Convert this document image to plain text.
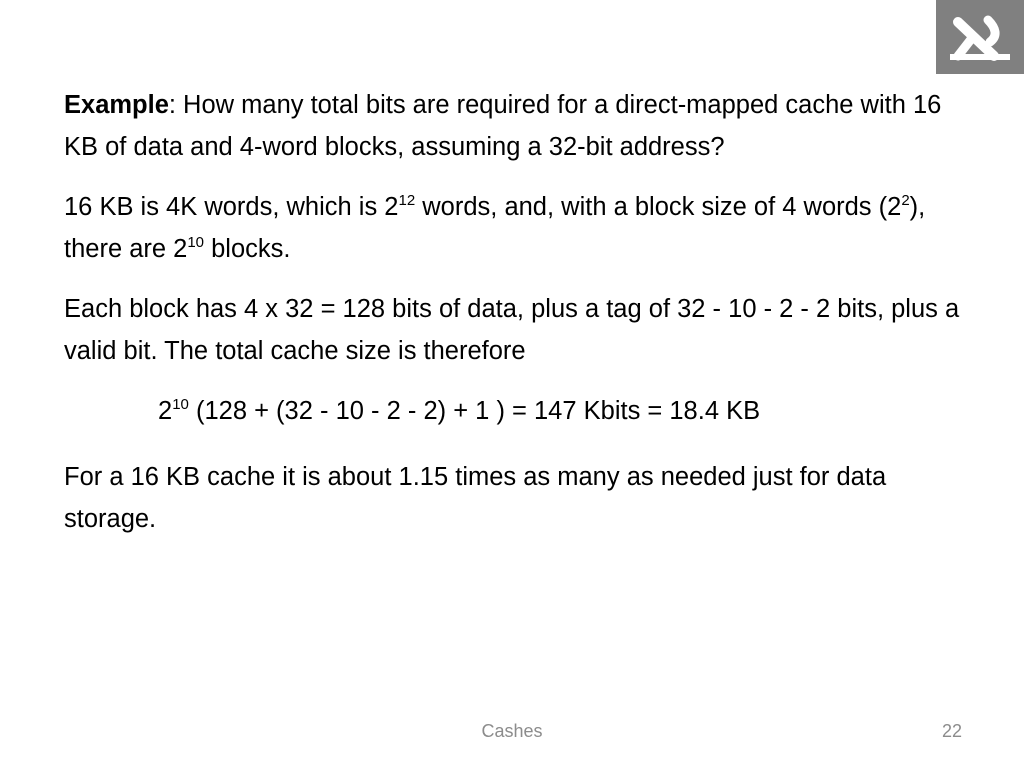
Example: How many total bits are required for a direct-mapped cache with 16 KB of data and 4-word blocks, assuming a 32-bit address?

16 KB is 4K words, which is $2^{12}$ words, and, with a block size of 4 words $(2^2)$, there are $2^{10}$ blocks.

Each block has 4 x 32 = 128 bits of data, plus a tag of 32 - 10 - 2 - 2 bits, plus a valid bit. The total cache size is therefore

$2^{10}$ (128 + (32 - 10 - 2 - 2) + 1 ) = 147 Kbits = 18.4 KB

For a 16 KB cache it is about 1.15 times as many as needed just for data storage.

Cashes	22
